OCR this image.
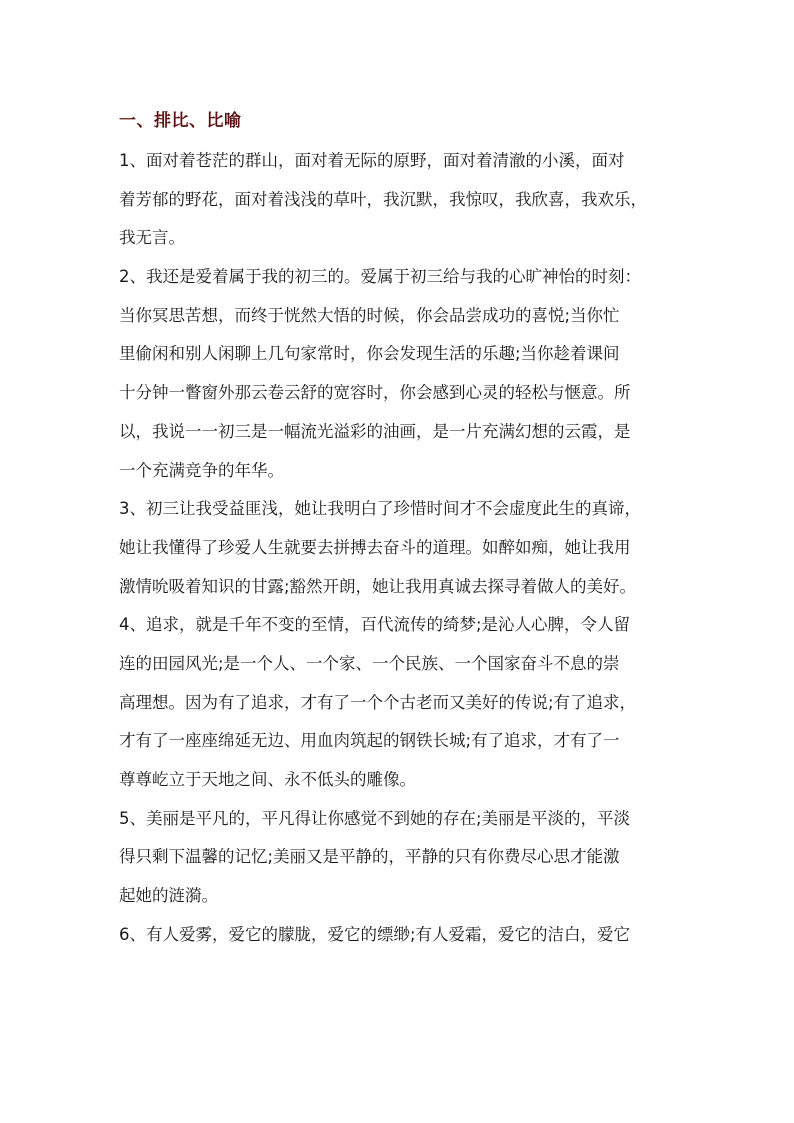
一、排比、比喻
1、面对着苍茫的群山，面对着无际的原野，面对着清澈的小溪，面对
着芳郁的野花，面对着浅浅的草叶，我沉默，我惊叹，我欣喜，我欢乐，
我无言。
2、我还是爱着属于我的初三的。爱属于初三给与我的心旷神怡的时刻：
当你冥思苦想，而终于恍然大悟的时候，你会品尝成功的喜悦;当你忙
里偷闲和别人闲聊上几句家常时，你会发现生活的乐趣;当你趁着课间
十分钟一瞥窗外那云卷云舒的宽容时，你会感到心灵的轻松与惬意。所
以，我说一一初三是一幅流光溢彩的油画，是一片充满幻想的云霞，是
一个充满竞争的年华。
3、初三让我受益匪浅，她让我明白了珍惜时间才不会虚度此生的真谛，
她让我懂得了珍爱人生就要去拼搏去奋斗的道理。如醉如痴，她让我用
激情吮吸着知识的甘露;豁然开朗，她让我用真诚去探寻着做人的美好。
4、追求，就是千年不变的至情，百代流传的绮梦;是沁人心脾，令人留
连的田园风光;是一个人、一个家、一个民族、一个国家奋斗不息的崇
高理想。因为有了追求，才有了一个个古老而又美好的传说;有了追求，
才有了一座座绵延无边、用血肉筑起的钢铁长城;有了追求，才有了一
尊尊屹立于天地之间、永不低头的雕像。
5、美丽是平凡的，平凡得让你感觉不到她的存在;美丽是平淡的，平淡
得只剩下温馨的记忆;美丽又是平静的，平静的只有你费尽心思才能激
起她的涟漪。
6、有人爱雾，爱它的朦胧，爱它的缥缈;有人爱霜，爱它的洁白，爱它
